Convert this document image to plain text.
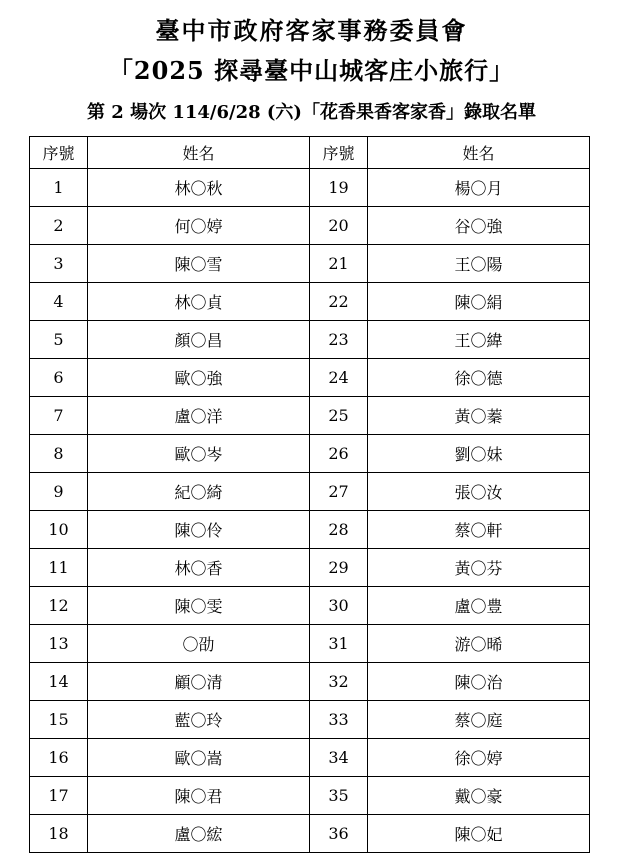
臺中市政府客家事務委員會
「2025 探尋臺中山城客庄小旅行」
第 2 場次 114/6/28 (六)「花香果香客家香」錄取名單
序號	姓名	序號	姓名
1	林〇秋	19	楊〇月
2	何〇婷	20	谷〇強
3	陳〇雪	21	王〇陽
4	林〇貞	22	陳〇絹
5	顏〇昌	23	王〇緯
6	歐〇強	24	徐〇德
7	盧〇洋	25	黃〇蓁
8	歐〇岑	26	劉〇妹
9	紀〇綺	27	張〇汝
10	陳〇伶	28	蔡〇軒
11	林〇香	29	黃〇芬
12	陳〇雯	30	盧〇豊
13	〇劭	31	游〇晞
14	顧〇清	32	陳〇治
15	藍〇玲	33	蔡〇庭
16	歐〇嵩	34	徐〇婷
17	陳〇君	35	戴〇豪
18	盧〇綋	36	陳〇妃
